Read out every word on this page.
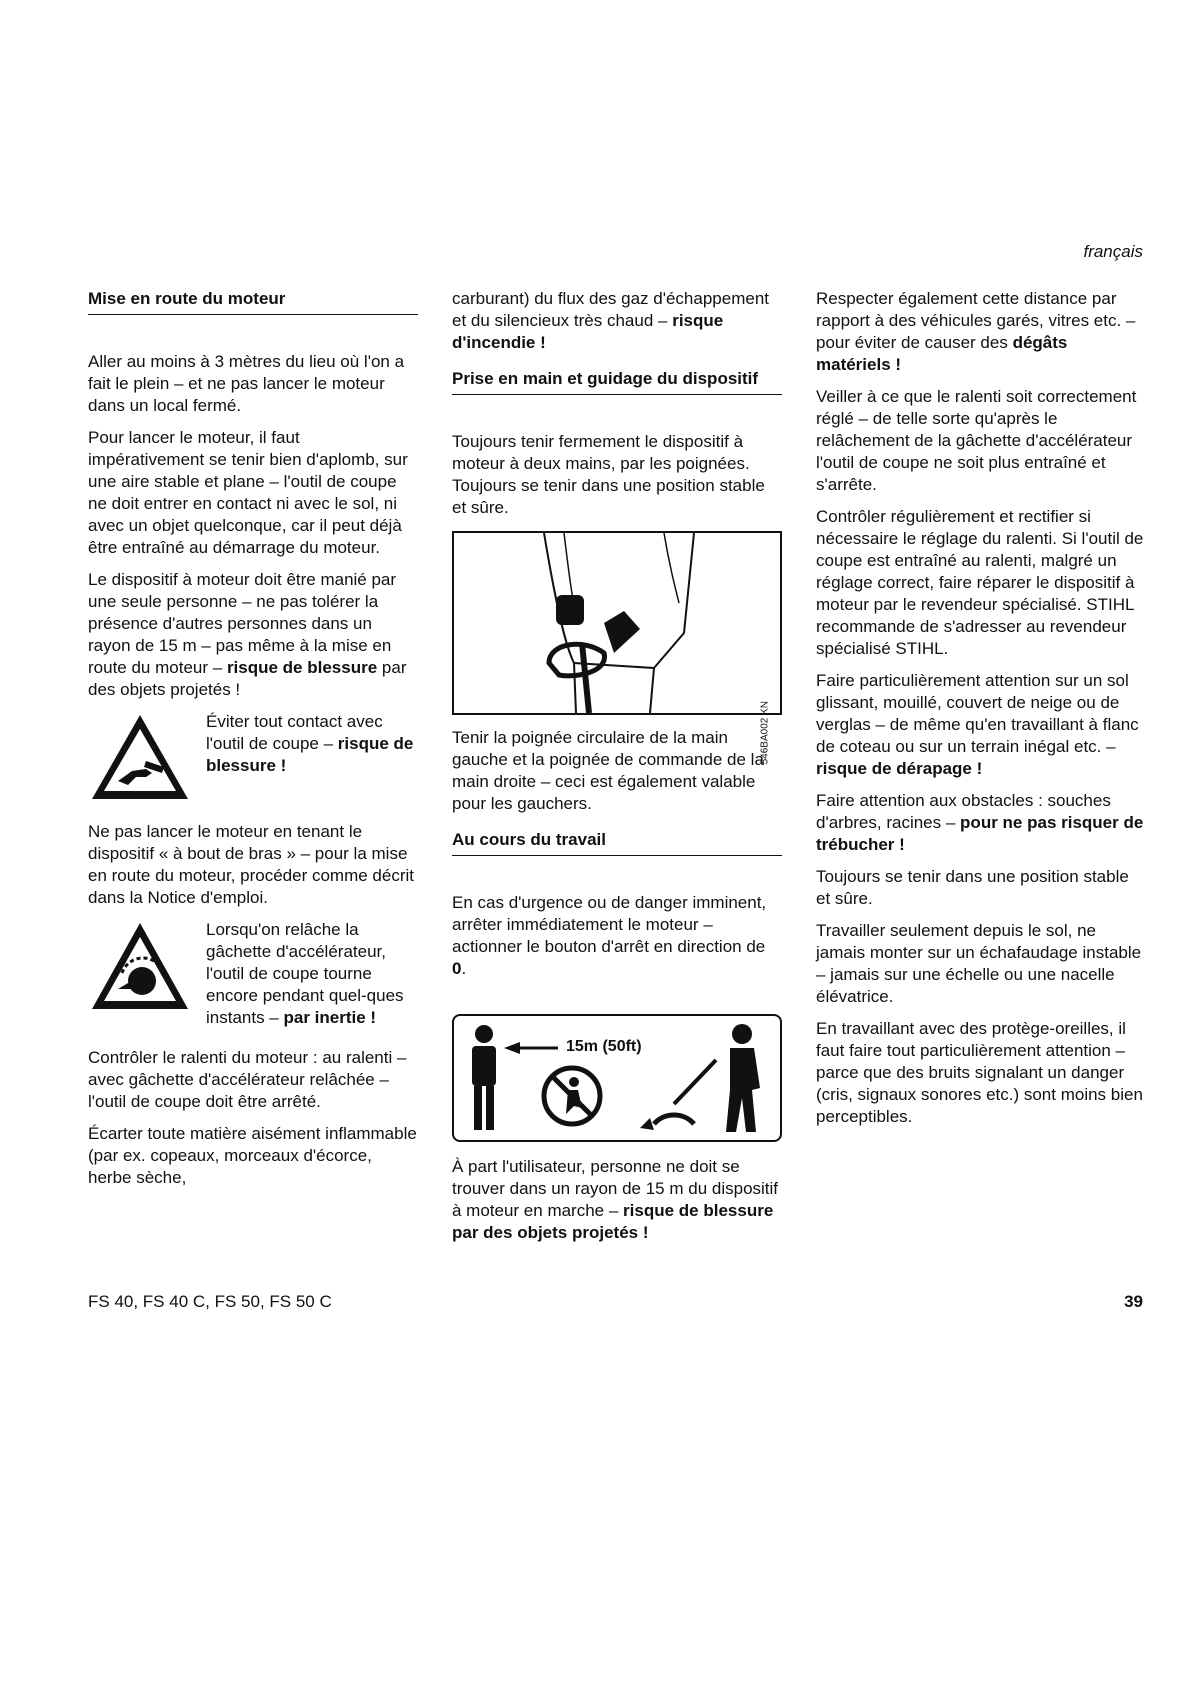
français
Mise en route du moteur

Aller au moins à 3 mètres du lieu où l'on a fait le plein – et ne pas lancer le moteur dans un local fermé.

Pour lancer le moteur, il faut impérativement se tenir bien d'aplomb, sur une aire stable et plane – l'outil de coupe ne doit entrer en contact ni avec le sol, ni avec un objet quelconque, car il peut déjà être entraîné au démarrage du moteur.

Le dispositif à moteur doit être manié par une seule personne – ne pas tolérer la présence d'autres personnes dans un rayon de 15 m – pas même à la mise en route du moteur – risque de blessure par des objets projetés !

Éviter tout contact avec l'outil de coupe – risque de blessure !

Ne pas lancer le moteur en tenant le dispositif « à bout de bras » – pour la mise en route du moteur, procéder comme décrit dans la Notice d'emploi.

Lorsqu'on relâche la gâchette d'accélérateur, l'outil de coupe tourne encore pendant quel-ques instants – par inertie !

Contrôler le ralenti du moteur : au ralenti – avec gâchette d'accélérateur relâchée – l'outil de coupe doit être arrêté.

Écarter toute matière aisément inflammable (par ex. copeaux, morceaux d'écorce, herbe sèche,

carburant) du flux des gaz d'échappement et du silencieux très chaud – risque d'incendie !

Prise en main et guidage du dispositif

Toujours tenir fermement le dispositif à moteur à deux mains, par les poignées. Toujours se tenir dans une position stable et sûre.

546BA002 KN

Tenir la poignée circulaire de la main gauche et la poignée de commande de la main droite – ceci est également valable pour les gauchers.

Au cours du travail

En cas d'urgence ou de danger imminent, arrêter immédiatement le moteur – actionner le bouton d'arrêt en direction de 0.

15m (50ft)

À part l'utilisateur, personne ne doit se trouver dans un rayon de 15 m du dispositif à moteur en marche – risque de blessure par des objets projetés !

Respecter également cette distance par rapport à des véhicules garés, vitres etc. – pour éviter de causer des dégâts matériels !

Veiller à ce que le ralenti soit correctement réglé – de telle sorte qu'après le relâchement de la gâchette d'accélérateur l'outil de coupe ne soit plus entraîné et s'arrête.

Contrôler régulièrement et rectifier si nécessaire le réglage du ralenti. Si l'outil de coupe est entraîné au ralenti, malgré un réglage correct, faire réparer le dispositif à moteur par le revendeur spécialisé. STIHL recommande de s'adresser au revendeur spécialisé STIHL.

Faire particulièrement attention sur un sol glissant, mouillé, couvert de neige ou de verglas – de même qu'en travaillant à flanc de coteau ou sur un terrain inégal etc. – risque de dérapage !

Faire attention aux obstacles : souches d'arbres, racines – pour ne pas risquer de trébucher !

Toujours se tenir dans une position stable et sûre.

Travailler seulement depuis le sol, ne jamais monter sur un échafaudage instable – jamais sur une échelle ou une nacelle élévatrice.

En travaillant avec des protège-oreilles, il faut faire tout particulièrement attention – parce que des bruits signalant un danger (cris, signaux sonores etc.) sont moins bien perceptibles.

FS 40, FS 40 C, FS 50, FS 50 C	39
